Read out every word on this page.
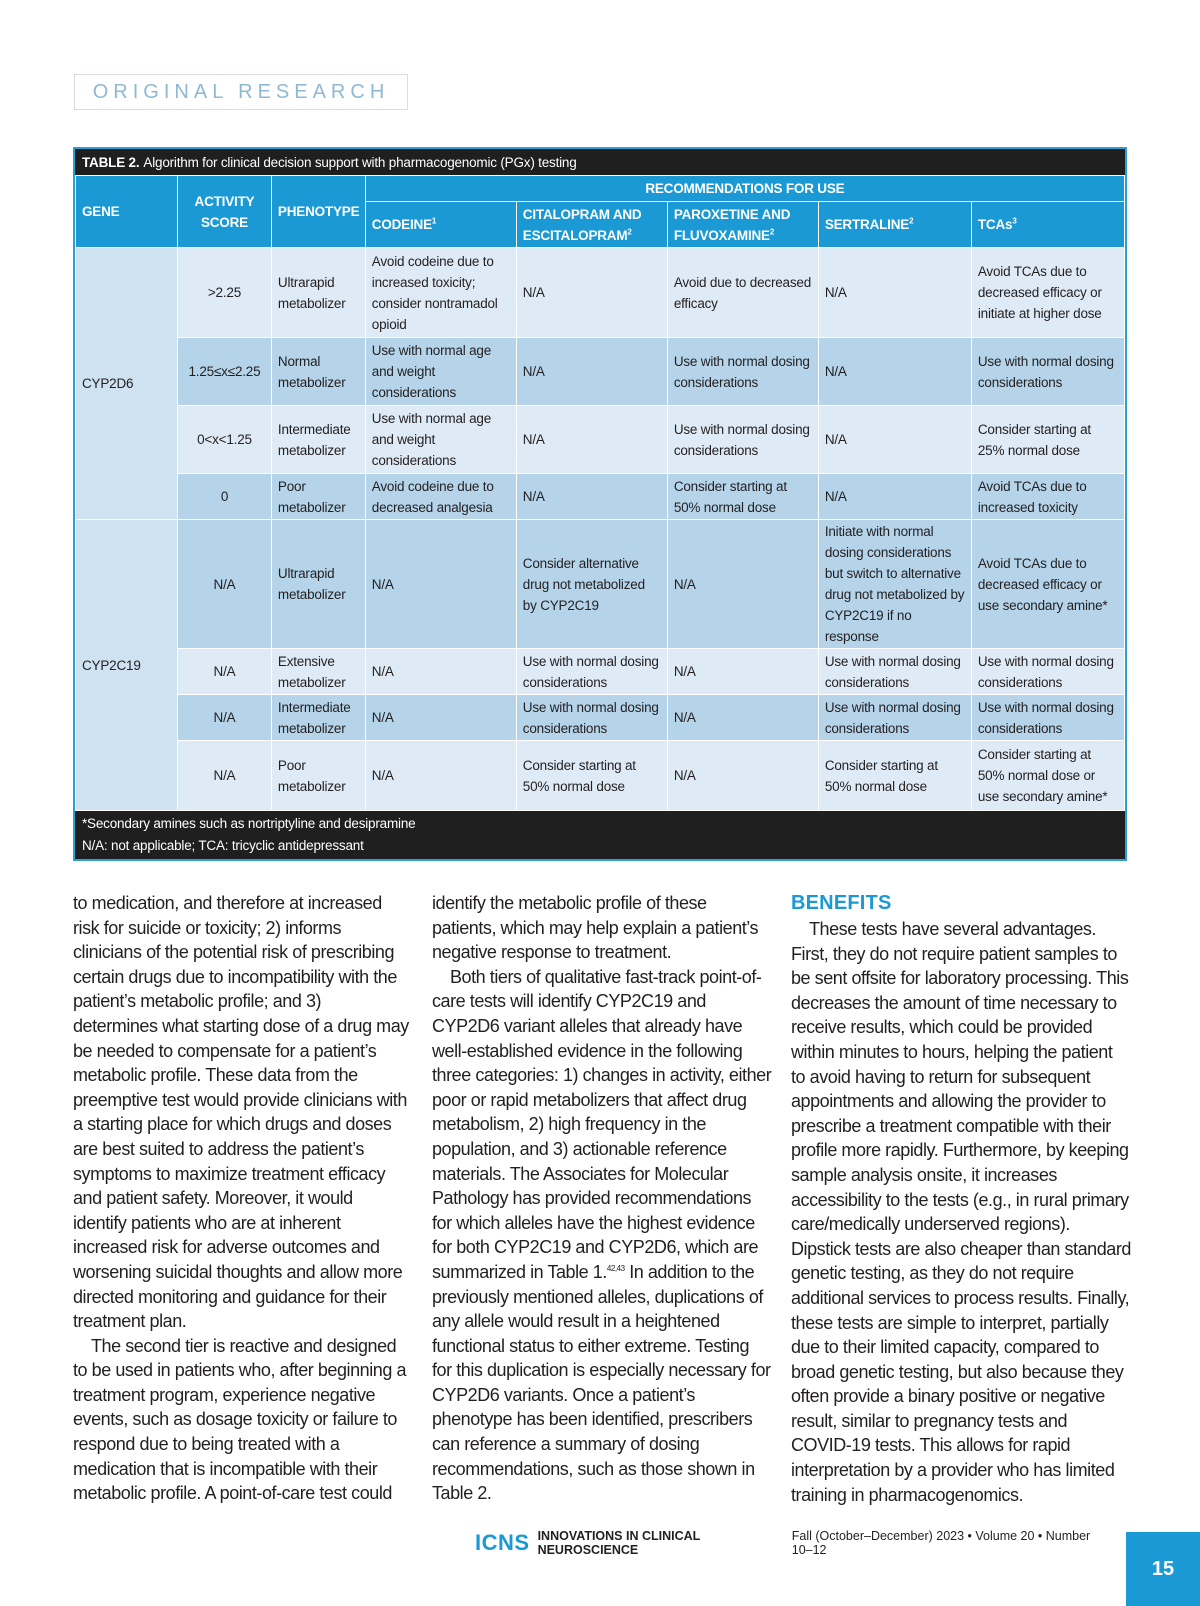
ORIGINAL RESEARCH
TABLE 2. Algorithm for clinical decision support with pharmacogenomic (PGx) testing
GENE	ACTIVITY SCORE	PHENOTYPE	RECOMMENDATIONS FOR USE				
			CODEINE$^1$	CITALOPRAM AND ESCITALOPRAM$^2$	PAROXETINE AND FLUVOXAMINE$^2$	SERTRALINE$^2$	TCAs$^3$
CYP2D6	>2.25	Ultrarapid metabolizer	Avoid codeine due to increased toxicity; consider nontramadol opioid	N/A	Avoid due to decreased efficacy	N/A	Avoid TCAs due to decreased efficacy or initiate at higher dose
	1.25≤x≤2.25	Normal metabolizer	Use with normal age and weight considerations	N/A	Use with normal dosing considerations	N/A	Use with normal dosing considerations
	0<x<1.25	Intermediate metabolizer	Use with normal age and weight considerations	N/A	Use with normal dosing considerations	N/A	Consider starting at 25% normal dose
	0	Poor metabolizer	Avoid codeine due to decreased analgesia	N/A	Consider starting at 50% normal dose	N/A	Avoid TCAs due to increased toxicity
CYP2C19	N/A	Ultrarapid metabolizer	N/A	Consider alternative drug not metabolized by CYP2C19	N/A	Initiate with normal dosing considerations but switch to alternative drug not metabolized by CYP2C19 if no response	Avoid TCAs due to decreased efficacy or use secondary amine*
	N/A	Extensive metabolizer	N/A	Use with normal dosing considerations	N/A	Use with normal dosing considerations	Use with normal dosing considerations
	N/A	Intermediate metabolizer	N/A	Use with normal dosing considerations	N/A	Use with normal dosing considerations	Use with normal dosing considerations
	N/A	Poor metabolizer	N/A	Consider starting at 50% normal dose	N/A	Consider starting at 50% normal dose	Consider starting at 50% normal dose or use secondary amine*
*Secondary amines such as nortriptyline and desipramine
N/A: not applicable; TCA: tricyclic antidepressant

to medication, and therefore at increased risk for suicide or toxicity; 2) informs clinicians of the potential risk of prescribing certain drugs due to incompatibility with the patient’s metabolic profile; and 3) determines what starting dose of a drug may be needed to compensate for a patient’s metabolic profile. These data from the preemptive test would provide clinicians with a starting place for which drugs and doses are best suited to address the patient’s symptoms to maximize treatment efficacy and patient safety. Moreover, it would identify patients who are at inherent increased risk for adverse outcomes and worsening suicidal thoughts and allow more directed monitoring and guidance for their treatment plan.

The second tier is reactive and designed to be used in patients who, after beginning a treatment program, experience negative events, such as dosage toxicity or failure to respond due to being treated with a medication that is incompatible with their metabolic profile. A point-of-care test could

identify the metabolic profile of these patients, which may help explain a patient’s negative response to treatment.

Both tiers of qualitative fast-track point-of-care tests will identify CYP2C19 and CYP2D6 variant alleles that already have well-established evidence in the following three categories: 1) changes in activity, either poor or rapid metabolizers that affect drug metabolism, 2) high frequency in the population, and 3) actionable reference materials. The Associates for Molecular Pathology has provided recommendations for which alleles have the highest evidence for both CYP2C19 and CYP2D6, which are summarized in Table 1.$^{42,43}$ In addition to the previously mentioned alleles, duplications of any allele would result in a heightened functional status to either extreme. Testing for this duplication is especially necessary for CYP2D6 variants. Once a patient’s phenotype has been identified, prescribers can reference a summary of dosing recommendations, such as those shown in Table 2.

BENEFITS

These tests have several advantages. First, they do not require patient samples to be sent offsite for laboratory processing. This decreases the amount of time necessary to receive results, which could be provided within minutes to hours, helping the patient to avoid having to return for subsequent appointments and allowing the provider to prescribe a treatment compatible with their profile more rapidly. Furthermore, by keeping sample analysis onsite, it increases accessibility to the tests (e.g., in rural primary care/medically underserved regions). Dipstick tests are also cheaper than standard genetic testing, as they do not require additional services to process results. Finally, these tests are simple to interpret, partially due to their limited capacity, compared to broad genetic testing, but also because they often provide a binary positive or negative result, similar to pregnancy tests and COVID-19 tests. This allows for rapid interpretation by a provider who has limited training in pharmacogenomics.

ICNS INNOVATIONS IN CLINICAL NEUROSCIENCE
Fall (October–December) 2023 • Volume 20 • Number 10–12
15
